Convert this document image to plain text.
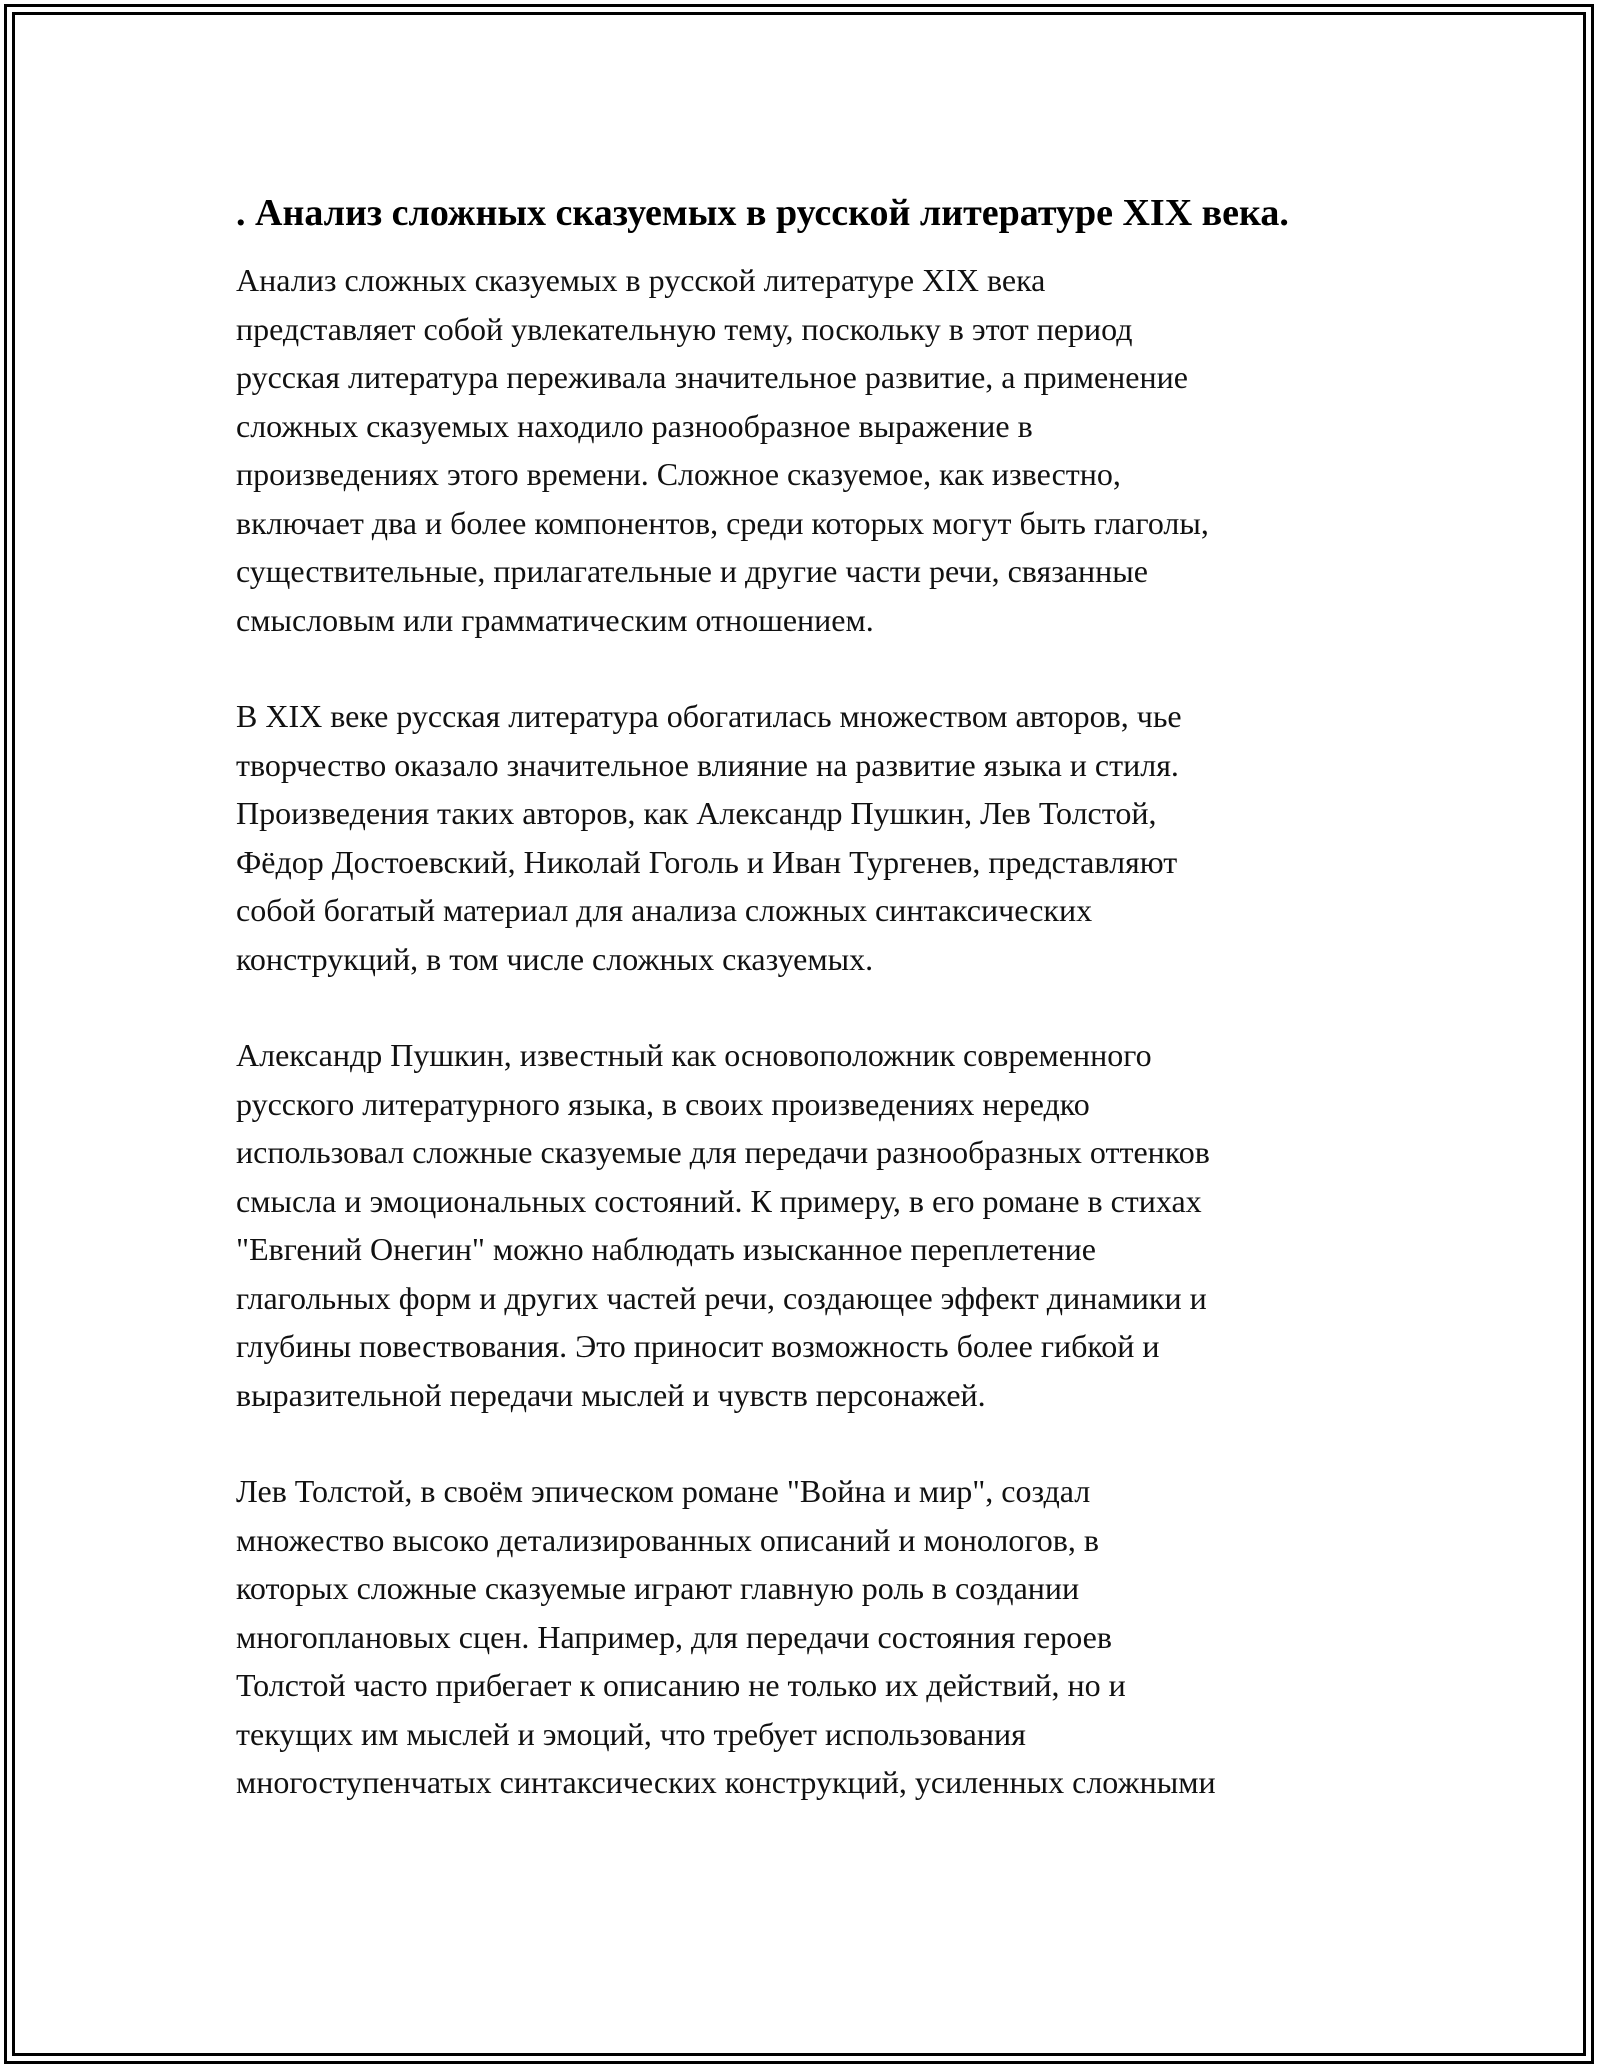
. Анализ сложных сказуемых в русской литературе XIX века.

Анализ сложных сказуемых в русской литературе XIX века
представляет собой увлекательную тему, поскольку в этот период
русская литература переживала значительное развитие, а применение
сложных сказуемых находило разнообразное выражение в
произведениях этого времени. Сложное сказуемое, как известно,
включает два и более компонентов, среди которых могут быть глаголы,
существительные, прилагательные и другие части речи, связанные
смысловым или грамматическим отношением.

В XIX веке русская литература обогатилась множеством авторов, чье
творчество оказало значительное влияние на развитие языка и стиля.
Произведения таких авторов, как Александр Пушкин, Лев Толстой,
Фёдор Достоевский, Николай Гоголь и Иван Тургенев, представляют
собой богатый материал для анализа сложных синтаксических
конструкций, в том числе сложных сказуемых.

Александр Пушкин, известный как основоположник современного
русского литературного языка, в своих произведениях нередко
использовал сложные сказуемые для передачи разнообразных оттенков
смысла и эмоциональных состояний. К примеру, в его романе в стихах
"Евгений Онегин" можно наблюдать изысканное переплетение
глагольных форм и других частей речи, создающее эффект динамики и
глубины повествования. Это приносит возможность более гибкой и
выразительной передачи мыслей и чувств персонажей.

Лев Толстой, в своём эпическом романе "Война и мир", создал
множество высоко детализированных описаний и монологов, в
которых сложные сказуемые играют главную роль в создании
многоплановых сцен. Например, для передачи состояния героев
Толстой часто прибегает к описанию не только их действий, но и
текущих им мыслей и эмоций, что требует использования
многоступенчатых синтаксических конструкций, усиленных сложными
